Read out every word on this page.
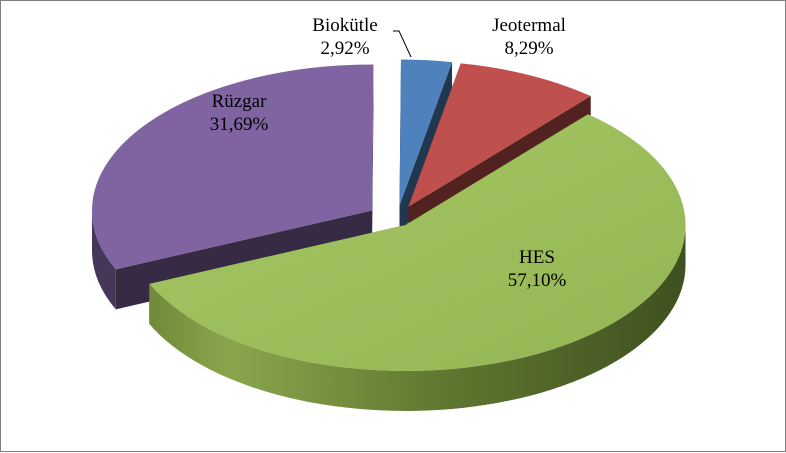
Biokütle
2,92%
Jeotermal
8,29%
HES
57,10%
Rüzgar
31,69%
